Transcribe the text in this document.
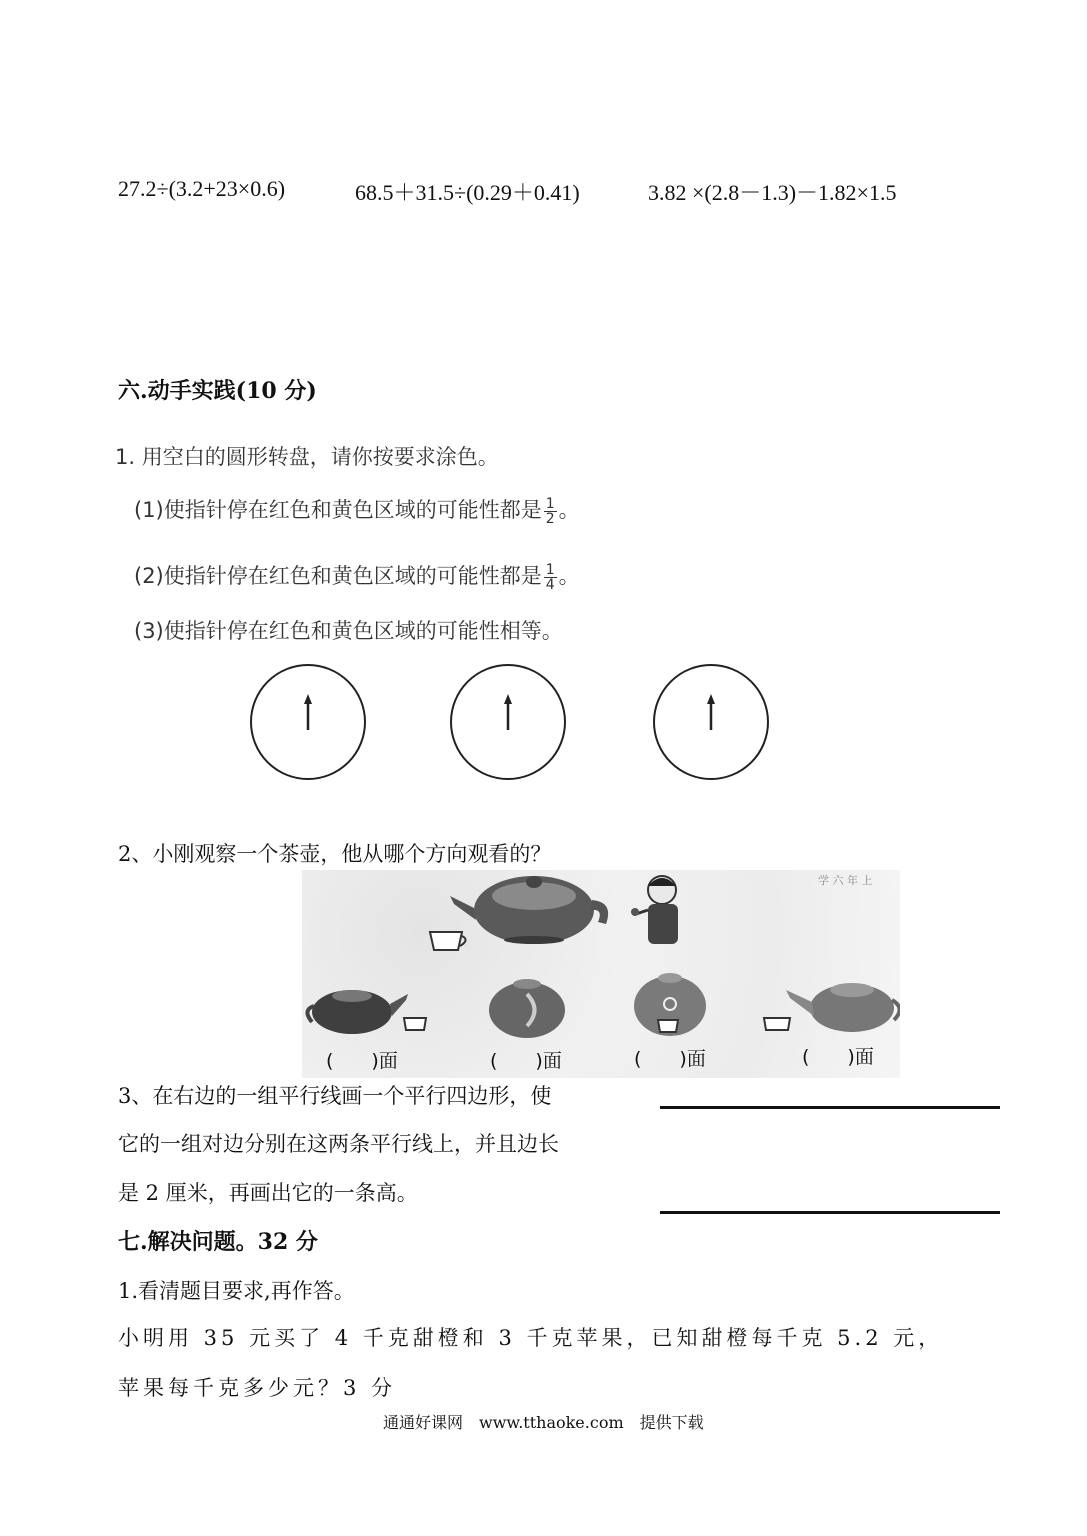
27.2÷(3.2+23×0.6)	68.5＋31.5÷(0.29＋0.41)	3.82 ×(2.8－1.3)－1.82×1.5
六.动手实践(10 分)
1. 用空白的圆形转盘，请你按要求涂色。
(1)使指针停在红色和黄色区域的可能性都是 $\frac{1}{2}$ 。
(2)使指针停在红色和黄色区域的可能性都是 $\frac{1}{4}$ 。
(3)使指针停在红色和黄色区域的可能性相等。
2、小刚观察一个茶壶，他从哪个方向观看的？
学 六 年 上
(　　)面	(　　)面	(　　)面	(　　)面
3、在右边的一组平行线画一个平行四边形，使
它的一组对边分别在这两条平行线上，并且边长
是 2 厘米，再画出它的一条高。
七.解决问题。32 分
1.看清题目要求,再作答。
小明用 35 元买了 4 千克甜橙和 3 千克苹果，已知甜橙每千克 5.2 元，
苹果每千克多少元？3 分
通通好课网　www.tthaoke.com　提供下载
